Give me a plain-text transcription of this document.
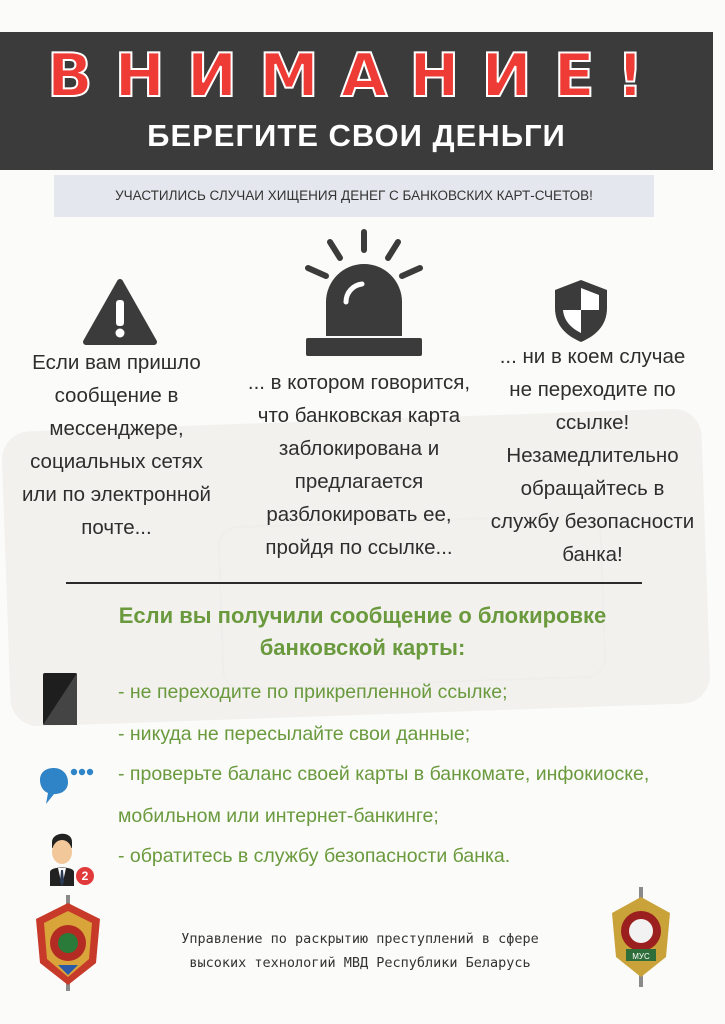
ВНИМАНИЕ!
БЕРЕГИТЕ СВОИ ДЕНЬГИ
УЧАСТИЛИСЬ СЛУЧАИ ХИЩЕНИЯ ДЕНЕГ С БАНКОВСКИХ КАРТ-СЧЕТОВ!
Если вам пришло
сообщение в
мессенджере,
социальных сетях
или по электронной
почте...
... в котором говорится,
что банковская карта
заблокирована и
предлагается
разблокировать ее,
пройдя по ссылке...
... ни в коем случае
не переходите по
ссылке!
Незамедлительно
обращайтесь в
службу безопасности
банка!
Если вы получили сообщение о блокировке
банковской карты:
2
- не переходите по прикрепленной ссылке;
- никуда не пересылайте свои данные;
- проверьте баланс своей карты в банкомате, инфокиоске,
мобильном или интернет-банкинге;
- обратитесь в службу безопасности банка.
МУС
Управление по раскрытию преступлений в сфере
высоких технологий МВД Республики Беларусь
